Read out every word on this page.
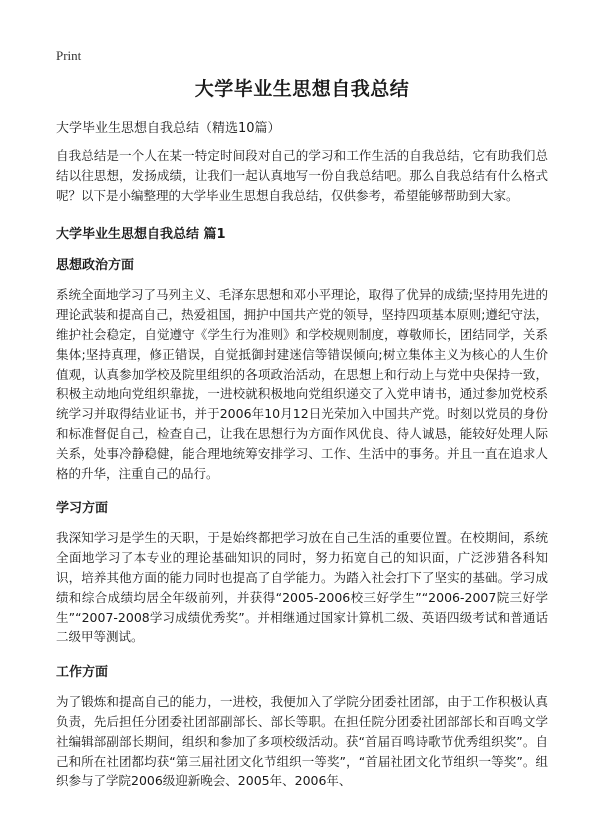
Print
大学毕业生思想自我总结
大学毕业生思想自我总结（精选10篇）

自我总结是一个人在某一特定时间段对自己的学习和工作生活的自我总结，它有助我们总结以往思想，发扬成绩，让我们一起认真地写一份自我总结吧。那么自我总结有什么格式呢？以下是小编整理的大学毕业生思想自我总结，仅供参考，希望能够帮助到大家。

大学毕业生思想自我总结 篇1
思想政治方面

系统全面地学习了马列主义、毛泽东思想和邓小平理论，取得了优异的成绩;坚持用先进的理论武装和提高自己，热爱祖国，拥护中国共产党的领导，坚持四项基本原则;遵纪守法，维护社会稳定，自觉遵守《学生行为准则》和学校规则制度，尊敬师长，团结同学，关系集体;坚持真理，修正错误，自觉抵御封建迷信等错误倾向;树立集体主义为核心的人生价值观，认真参加学校及院里组织的各项政治活动，在思想上和行动上与党中央保持一致，积极主动地向党组织靠拢，一进校就积极地向党组织递交了入党申请书，通过参加党校系统学习并取得结业证书，并于2006年10月12日光荣加入中国共产党。时刻以党员的身份和标准督促自己，检查自己，让我在思想行为方面作风优良、待人诚恳，能较好处理人际关系，处事冷静稳健，能合理地统筹安排学习、工作、生活中的事务。并且一直在追求人格的升华，注重自己的品行。

学习方面

我深知学习是学生的天职，于是始终都把学习放在自己生活的重要位置。在校期间，系统全面地学习了本专业的理论基础知识的同时，努力拓宽自己的知识面，广泛涉猎各科知识，培养其他方面的能力同时也提高了自学能力。为踏入社会打下了坚实的基础。学习成绩和综合成绩均居全年级前列，并获得“2005-2006校三好学生”“2006-2007院三好学生”“2007-2008学习成绩优秀奖”。并相继通过国家计算机二级、英语四级考试和普通话二级甲等测试。

工作方面

为了锻炼和提高自己的能力，一进校，我便加入了学院分团委社团部，由于工作积极认真负责，先后担任分团委社团部副部长、部长等职。在担任院分团委社团部部长和百鸣文学社编辑部副部长期间，组织和参加了多项校级活动。获“首届百鸣诗歌节优秀组织奖”。自己和所在社团都均获“第三届社团文化节组织一等奖”，“首届社团文化节组织一等奖”。组织参与了学院2006级迎新晚会、2005年、2006年、
